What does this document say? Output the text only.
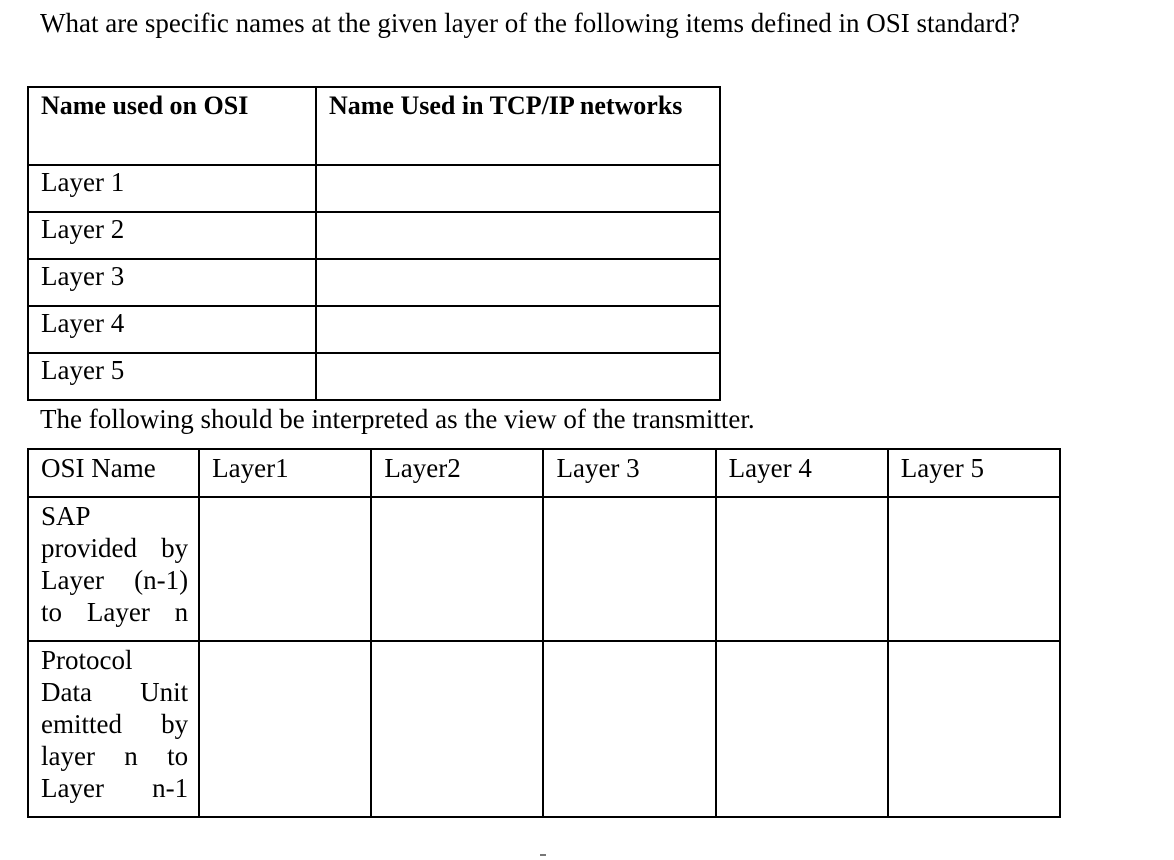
What are specific names at the given layer of the following items defined in OSI standard?
Name used on OSI	Name Used in TCP/IP networks

Layer 1	

Layer 2	

Layer 3	

Layer 4	

Layer 5	

The following should be interpreted as the view of the transmitter.
OSI Name	Layer1	Layer2	Layer 3	Layer 4	Layer 5

SAP
provided by
Layer (n-1)
to Layer n					

Protocol
Data Unit
emitted by
layer n to
Layer n-1					
